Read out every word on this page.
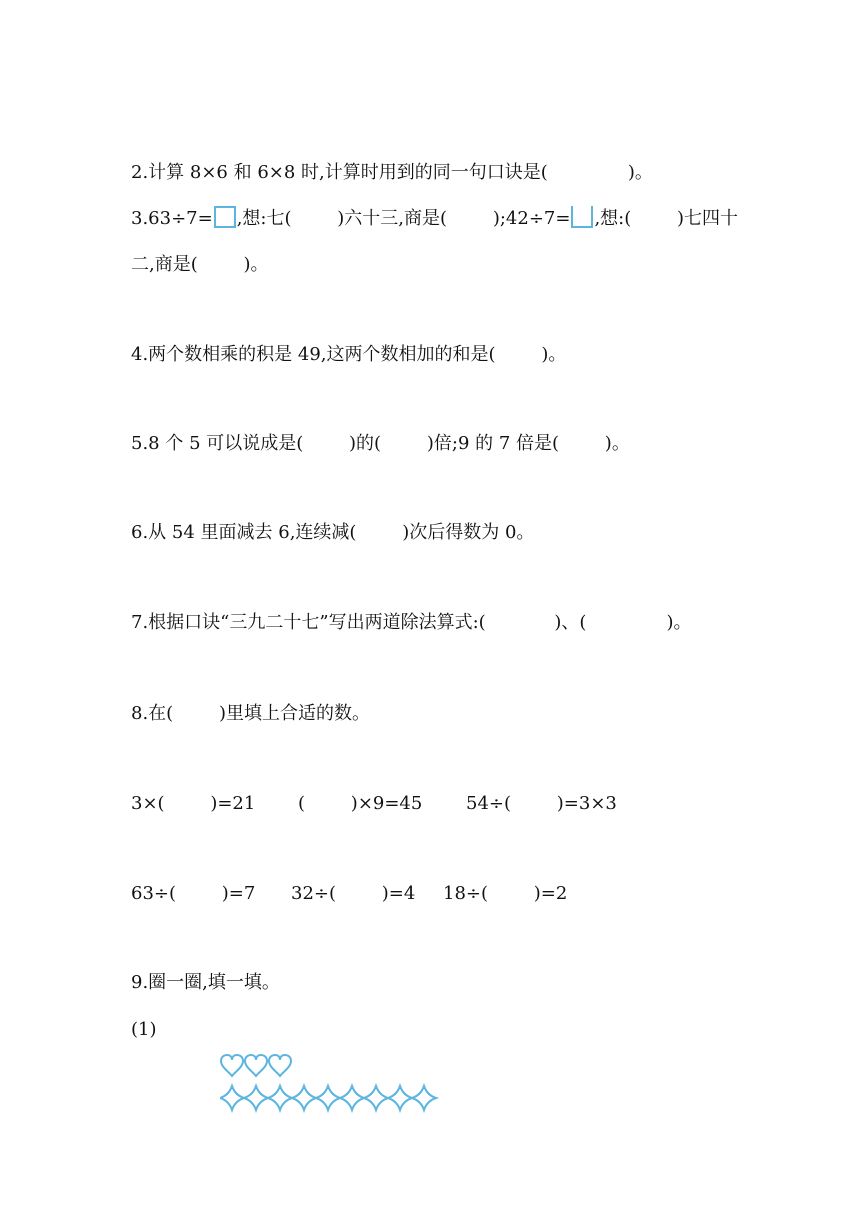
2.计算 8×6 和 6×8 时,计算时用到的同一句口诀是(              )。
3.63÷7= ,想:七(        )六十三,商是(        );42÷7= ,想:(        )七四十
二,商是(        )。
4.两个数相乘的积是 49,这两个数相加的和是(        )。
5.8 个 5 可以说成是(        )的(        )倍;9 的 7 倍是(        )。
6.从 54 里面减去 6,连续减(        )次后得数为 0。
7.根据口诀“三九二十七”写出两道除法算式:(            )、(              )。
8.在(        )里填上合适的数。
3×(        )=21 (        )×9=45 54÷(        )=3×3
63÷(        )=7 32÷(        )=4 18÷(        )=2
9.圈一圈,填一填。
(1)
